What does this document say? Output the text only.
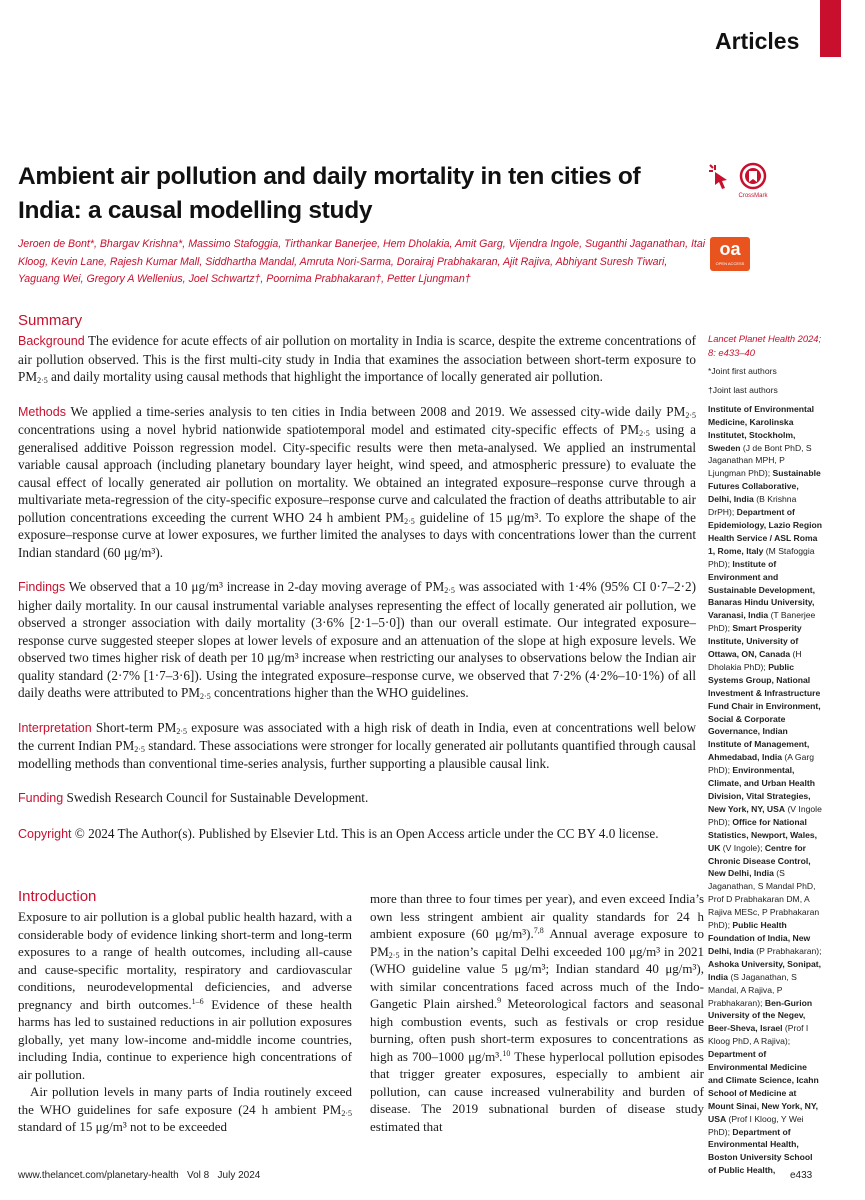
Articles
CrossMark
oa
OPEN ACCESS
Ambient air pollution and daily mortality in ten cities of India: a causal modelling study
Jeroen de Bont*, Bhargav Krishna*, Massimo Stafoggia, Tirthankar Banerjee, Hem Dholakia, Amit Garg, Vijendra Ingole, Suganthi Jaganathan, Itai Kloog, Kevin Lane, Rajesh Kumar Mall, Siddhartha Mandal, Amruta Nori-Sarma, Dorairaj Prabhakaran, Ajit Rajiva, Abhiyant Suresh Tiwari, Yaguang Wei, Gregory A Wellenius, Joel Schwartz†, Poornima Prabhakaran†, Petter Ljungman†
Summary

Background The evidence for acute effects of air pollution on mortality in India is scarce, despite the extreme concentrations of air pollution observed. This is the first multi-city study in India that examines the association between short-term exposure to $PM_{2\cdot 5}$ and daily mortality using causal methods that highlight the importance of locally generated air pollution.

Methods We applied a time-series analysis to ten cities in India between 2008 and 2019. We assessed city-wide daily $PM_{2\cdot 5}$ concentrations using a novel hybrid nationwide spatiotemporal model and estimated city-specific effects of $PM_{2\cdot 5}$ using a generalised additive Poisson regression model. City-specific results were then meta-analysed. We applied an instrumental variable causal approach (including planetary boundary layer height, wind speed, and atmospheric pressure) to evaluate the causal effect of locally generated air pollution on mortality. We obtained an integrated exposure–response curve through a multivariate meta-regression of the city-specific exposure–response curve and calculated the fraction of deaths attributable to air pollution concentrations exceeding the current WHO 24 h ambient $PM_{2\cdot 5}$ guideline of 15 μg/m³. To explore the shape of the exposure–response curve at lower exposures, we further limited the analyses to days with concentrations lower than the current Indian standard (60 μg/m³).

Findings We observed that a 10 μg/m³ increase in 2-day moving average of $PM_{2\cdot 5}$ was associated with 1·4% (95% CI 0·7–2·2) higher daily mortality. In our causal instrumental variable analyses representing the effect of locally generated air pollution, we observed a stronger association with daily mortality (3·6% [2·1–5·0]) than our overall estimate. Our integrated exposure–response curve suggested steeper slopes at lower levels of exposure and an attenuation of the slope at high exposure levels. We observed two times higher risk of death per 10 μg/m³ increase when restricting our analyses to observations below the Indian air quality standard (2·7% [1·7–3·6]). Using the integrated exposure–response curve, we observed that 7·2% (4·2%–10·1%) of all daily deaths were attributed to $PM_{2\cdot 5}$ concentrations higher than the WHO guidelines.

Interpretation Short-term $PM_{2\cdot 5}$ exposure was associated with a high risk of death in India, even at concentrations well below the current Indian $PM_{2\cdot 5}$ standard. These associations were stronger for locally generated air pollutants quantified through causal modelling methods than conventional time-series analysis, further supporting a plausible causal link.

Funding Swedish Research Council for Sustainable Development.

Copyright © 2024 The Author(s). Published by Elsevier Ltd. This is an Open Access article under the CC BY 4.0 license.

Introduction

Exposure to air pollution is a global public health hazard, with a considerable body of evidence linking short-term and long-term exposures to a range of health outcomes, including all-cause and cause-specific mortality, respiratory and cardiovascular conditions, neurodevelopmental deficiencies, and adverse pregnancy and birth outcomes.$^{1-6}$ Evidence of these health harms has led to sustained reductions in air pollution exposures globally, yet many low-income and-middle income countries, including India, continue to experience high concentrations of air pollution.

Air pollution levels in many parts of India routinely exceed the WHO guidelines for safe exposure (24 h ambient $PM_{2\cdot 5}$ standard of 15 μg/m³ not to be exceeded

more than three to four times per year), and even exceed India’s own less stringent ambient air quality standards for 24 h ambient exposure (60 μg/m³).$^{7,8}$ Annual average exposure to $PM_{2\cdot 5}$ in the nation’s capital Delhi exceeded 100 μg/m³ in 2021 (WHO guideline value 5 μg/m³; Indian standard 40 μg/m³), with similar concentrations faced across much of the Indo-Gangetic Plain airshed.$^9$ Meteorological factors and seasonal high combustion events, such as festivals or crop residue burning, often push short-term exposures to concentrations as high as 700–1000 μg/m³.$^{10}$ These hyperlocal pollution episodes that trigger greater exposures, especially to ambient air pollution, can cause increased vulnerability and burden of disease. The 2019 subnational burden of disease study estimated that

Lancet Planet Health 2024; 8: e433–40
*Joint first authors
†Joint last authors
Institute of Environmental Medicine, Karolinska Institutet, Stockholm, Sweden (J de Bont PhD, S Jaganathan MPH, P Ljungman PhD); Sustainable Futures Collaborative, Delhi, India (B Krishna DrPH); Department of Epidemiology, Lazio Region Health Service / ASL Roma 1, Rome, Italy (M Stafoggia PhD); Institute of Environment and Sustainable Development, Banaras Hindu University, Varanasi, India (T Banerjee PhD); Smart Prosperity Institute, University of Ottawa, ON, Canada (H Dholakia PhD); Public Systems Group, National Investment & Infrastructure Fund Chair in Environment, Social & Corporate Governance, Indian Institute of Management, Ahmedabad, India (A Garg PhD); Environmental, Climate, and Urban Health Division, Vital Strategies, New York, NY, USA (V Ingole PhD); Office for National Statistics, Newport, Wales, UK (V Ingole); Centre for Chronic Disease Control, New Delhi, India (S Jaganathan, S Mandal PhD, Prof D Prabhakaran DM, A Rajiva MESc, P Prabhakaran PhD); Public Health Foundation of India, New Delhi, India (P Prabhakaran); Ashoka University, Sonipat, India (S Jaganathan, S Mandal, A Rajiva, P Prabhakaran); Ben-Gurion University of the Negev, Beer-Sheva, Israel (Prof I Kloog PhD, A Rajiva); Department of Environmental Medicine and Climate Science, Icahn School of Medicine at Mount Sinai, New York, NY, USA (Prof I Kloog, Y Wei PhD); Department of Environmental Health, Boston University School of Public Health,
www.thelancet.com/planetary-health   Vol 8   July 2024	e433
